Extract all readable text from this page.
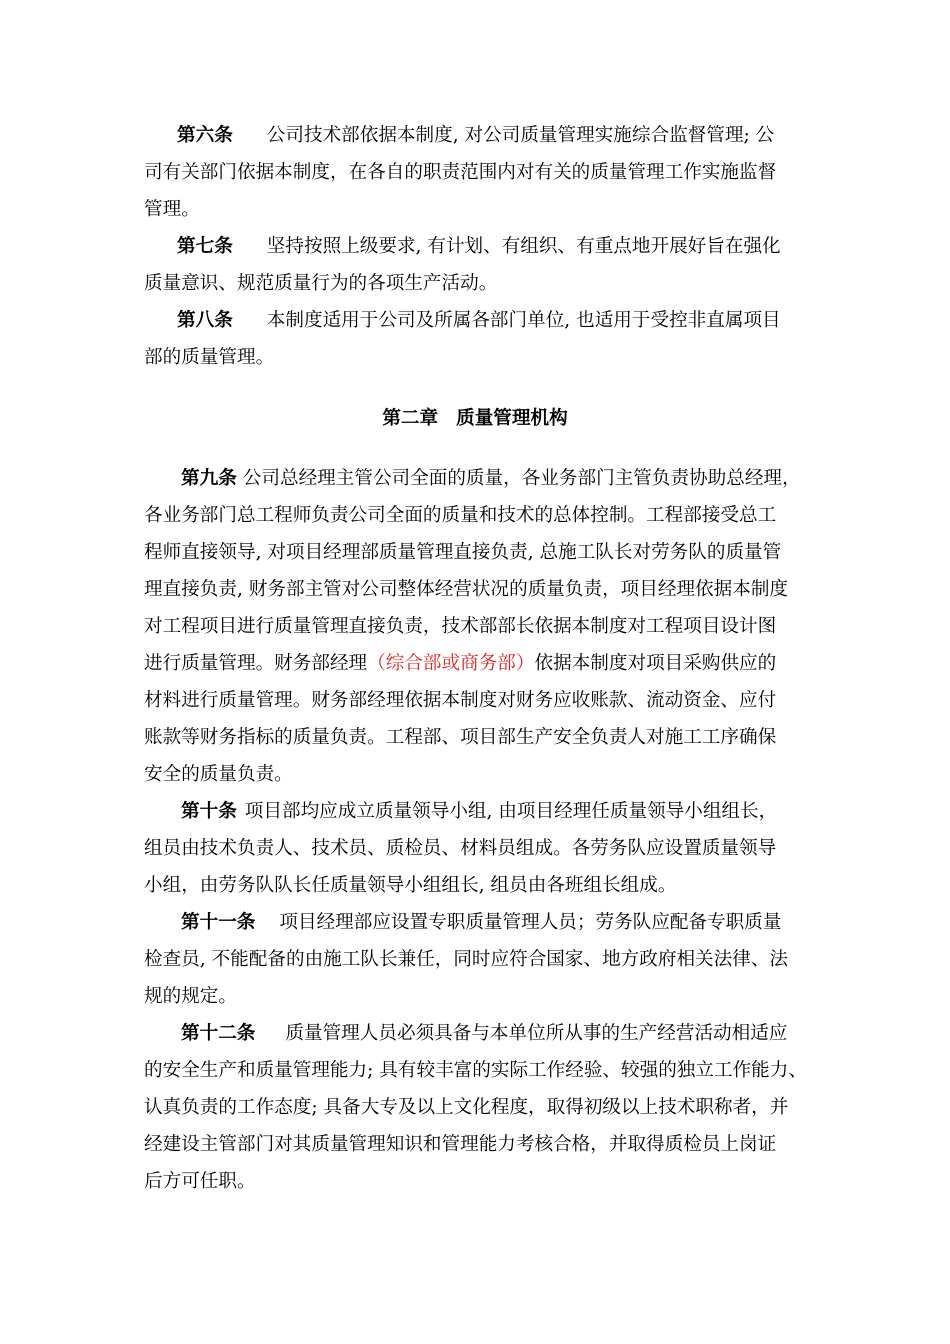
第六条 公司技术部依据本制度, 对公司质量管理实施综合监督管理; 公
司有关部门依据本制度，在各自的职责范围内对有关的质量管理工作实施监督
管理。
第七条 坚持按照上级要求, 有计划、有组织、有重点地开展好旨在强化
质量意识、规范质量行为的各项生产活动。
第八条 本制度适用于公司及所属各部门单位, 也适用于受控非直属项目
部的质量管理。
第二章 质量管理机构
第九条 公司总经理主管公司全面的质量，各业务部门主管负责协助总经理，
各业务部门总工程师负责公司全面的质量和技术的总体控制。工程部接受总工
程师直接领导, 对项目经理部质量管理直接负责, 总施工队长对劳务队的质量管
理直接负责, 财务部主管对公司整体经营状况的质量负责，项目经理依据本制度
对工程项目进行质量管理直接负责，技术部部长依据本制度对工程项目设计图
进行质量管理。财务部经理（综合部或商务部）依据本制度对项目采购供应的
材料进行质量管理。财务部经理依据本制度对财务应收账款、流动资金、应付
账款等财务指标的质量负责。工程部、项目部生产安全负责人对施工工序确保
安全的质量负责。
第十条 项目部均应成立质量领导小组, 由项目经理任质量领导小组组长，
组员由技术负责人、技术员、质检员、材料员组成。各劳务队应设置质量领导
小组，由劳务队队长任质量领导小组组长, 组员由各班组长组成。
第十一条 项目经理部应设置专职质量管理人员；劳务队应配备专职质量
检查员, 不能配备的由施工队长兼任，同时应符合国家、地方政府相关法律、法
规的规定。
第十二条 质量管理人员必须具备与本单位所从事的生产经营活动相适应
的安全生产和质量管理能力; 具有较丰富的实际工作经验、较强的独立工作能力、
认真负责的工作态度; 具备大专及以上文化程度，取得初级以上技术职称者，并
经建设主管部门对其质量管理知识和管理能力考核合格，并取得质检员上岗证
后方可任职。
